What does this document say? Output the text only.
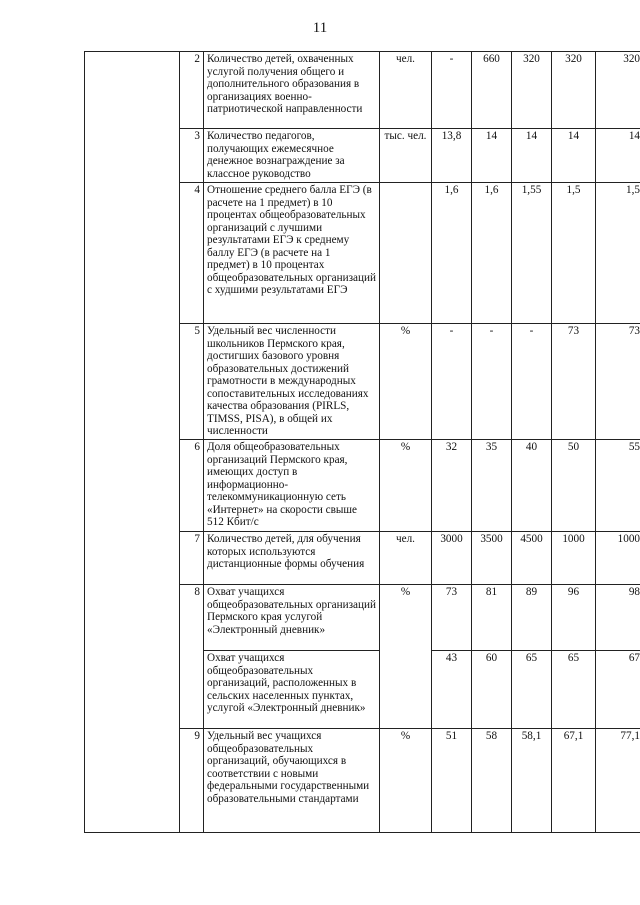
11
	2	Количество детей, охваченных услугой получения общего и дополнительного образования в организациях военно-патриотической направленности	чел.	-	660	320	320	320
	3	Количество педагогов, получающих ежемесячное денежное вознаграждение за классное руководство	тыс. чел.	13,8	14	14	14	14
	4	Отношение среднего балла ЕГЭ (в расчете на 1 предмет) в 10 процентах общеобразовательных организаций с лучшими результатами ЕГЭ к среднему баллу ЕГЭ (в расчете на 1 предмет) в 10 процентах общеобразовательных организаций с худшими результатами ЕГЭ		1,6	1,6	1,55	1,5	1,5
	5	Удельный вес численности школьников Пермского края, достигших базового уровня образовательных достижений грамотности в международных сопоставительных исследованиях качества образования (PIRLS, TIMSS, PISA), в общей их численности	%	-	-	-	73	73
	6	Доля общеобразовательных организаций Пермского края, имеющих доступ в информационно-телекоммуникационную сеть «Интернет» на скорости свыше 512 Кбит/с	%	32	35	40	50	55
	7	Количество детей, для обучения которых используются дистанционные формы обучения	чел.	3000	3500	4500	1000	1000
	8	Охват учащихся общеобразовательных организаций Пермского края услугой «Электронный дневник»	%	73	81	89	96	98
		Охват учащихся общеобразовательных организаций, расположенных в сельских населенных пунктах, услугой «Электронный дневник»		43	60	65	65	67
	9	Удельный вес учащихся общеобразовательных организаций, обучающихся в соответствии с новыми федеральными государственными образовательными стандартами	%	51	58	58,1	67,1	77,1
